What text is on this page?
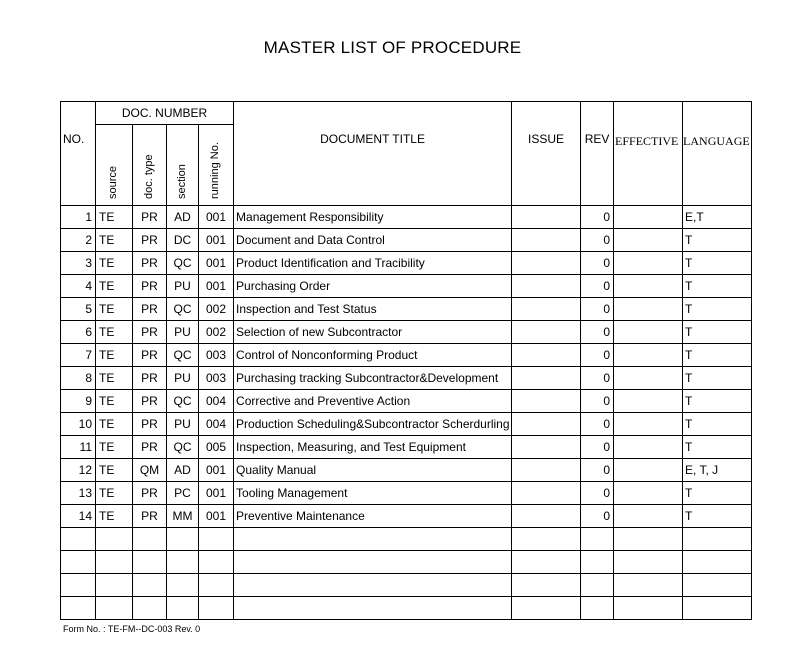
MASTER LIST OF PROCEDURE
NO.	DOC. NUMBER				DOCUMENT TITLE	ISSUE	REV	EFFECTIVE	LANGUAGE

	source	doc. type	section	running No.					

1	TE	PR	AD	001	Management Responsibility		0		E,T
2	TE	PR	DC	001	Document and Data Control		0		T
3	TE	PR	QC	001	Product Identification and Tracibility		0		T
4	TE	PR	PU	001	Purchasing Order		0		T
5	TE	PR	QC	002	Inspection and Test Status		0		T
6	TE	PR	PU	002	Selection of new Subcontractor		0		T
7	TE	PR	QC	003	Control of Nonconforming Product		0		T
8	TE	PR	PU	003	Purchasing tracking Subcontractor&Development		0		T
9	TE	PR	QC	004	Corrective and Preventive Action		0		T
10	TE	PR	PU	004	Production Scheduling&Subcontractor Scherdurling		0		T
11	TE	PR	QC	005	Inspection, Measuring, and Test Equipment		0		T
12	TE	QM	AD	001	Quality Manual		0		E, T, J
13	TE	PR	PC	001	Tooling Management		0		T
14	TE	PR	MM	001	Preventive Maintenance		0		T

Form No. : TE-FM--DC-003 Rev. 0
